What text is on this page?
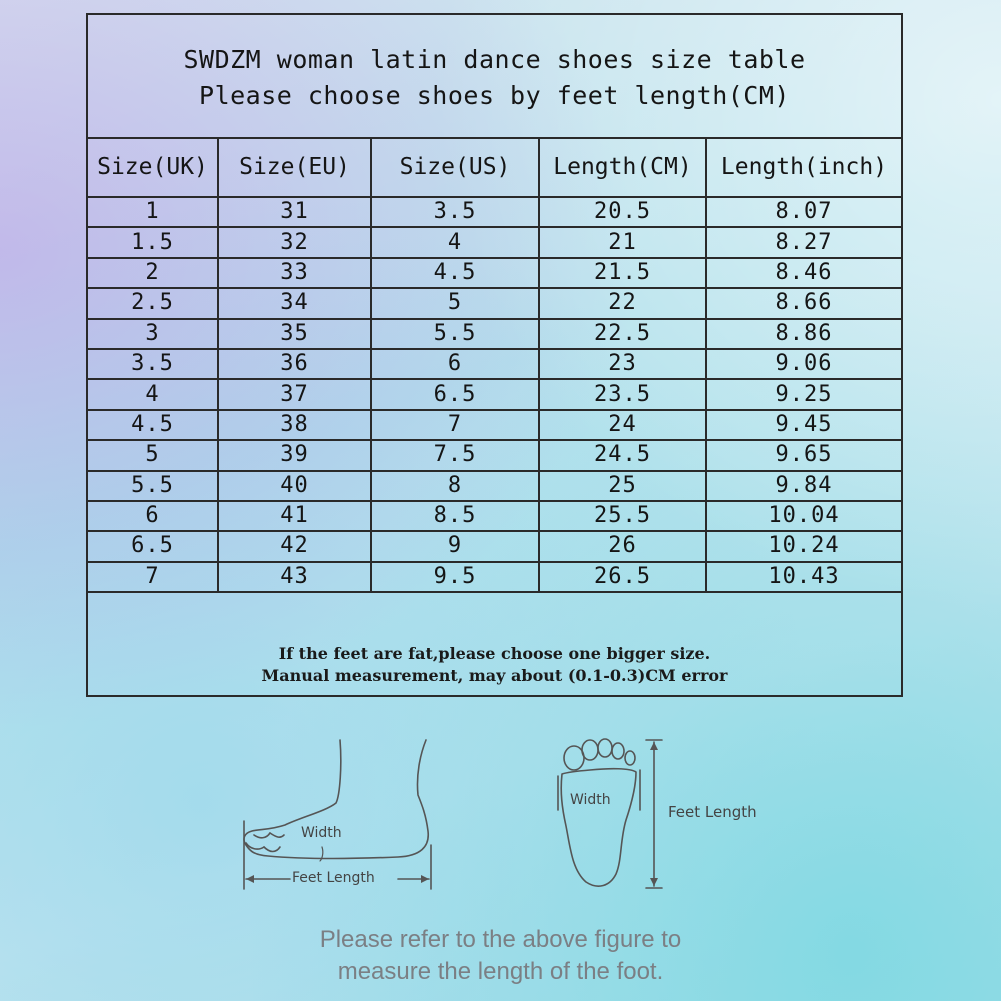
SWDZM woman latin dance shoes size table
Please choose shoes by feet length(CM)
Size(UK)	Size(EU)	Size(US)	Length(CM)	Length(inch)
1	31	3.5	20.5	8.07
1.5	32	4	21	8.27
2	33	4.5	21.5	8.46
2.5	34	5	22	8.66
3	35	5.5	22.5	8.86
3.5	36	6	23	9.06
4	37	6.5	23.5	9.25
4.5	38	7	24	9.45
5	39	7.5	24.5	9.65
5.5	40	8	25	9.84
6	41	8.5	25.5	10.04
6.5	42	9	26	10.24
7	43	9.5	26.5	10.43
If the feet are fat,please choose one bigger size.
Manual measurement, may about (0.1-0.3)CM error
Width
Feet Length
Width
Feet Length
Please refer to the above figure to
measure the length of the foot.
